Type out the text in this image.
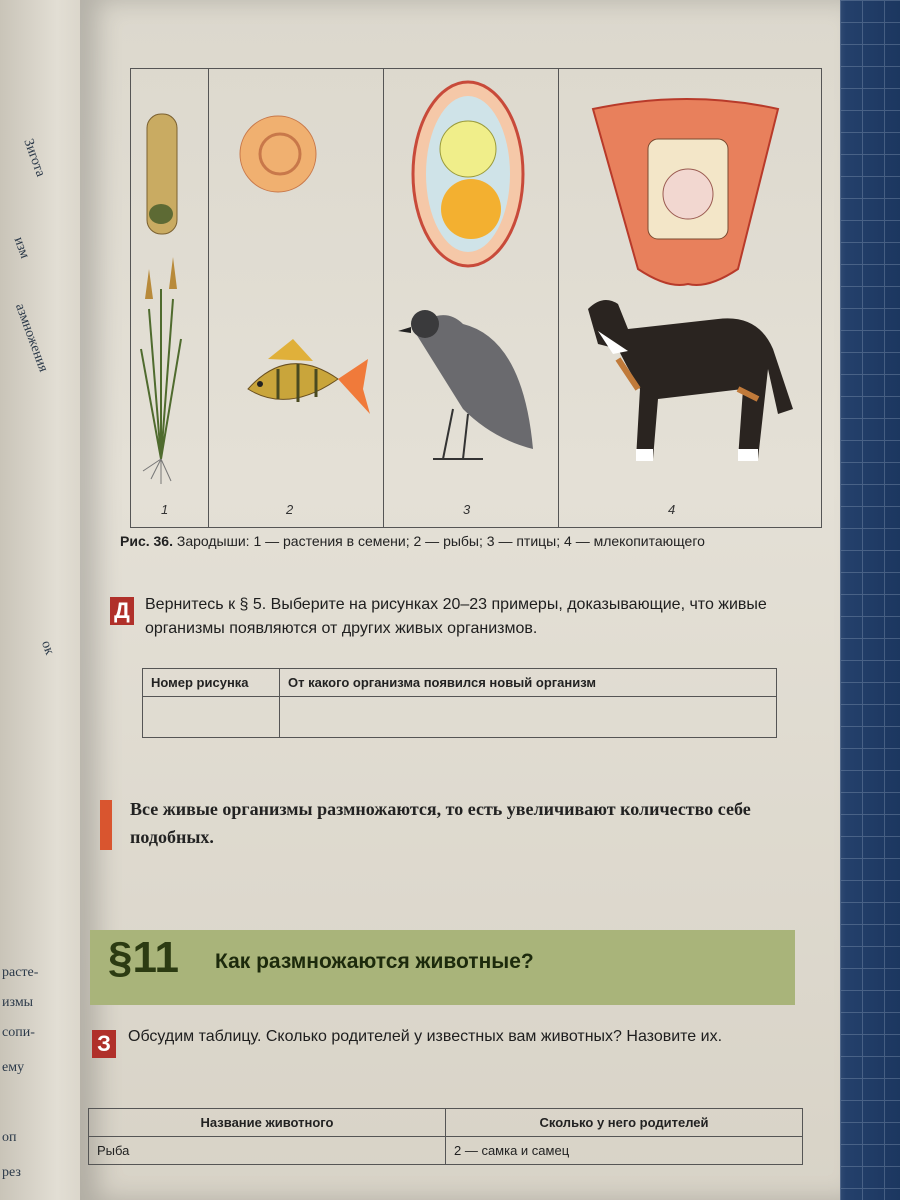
Зигота
изм
азмножения
ок
расте-
измы
сопи-
ему
оп
рез
1	2	3	4
Рис. 36. Зародыши: 1 — растения в семени; 2 — рыбы; 3 — птицы; 4 — млекопитающего
Д Вернитесь к § 5. Выберите на рисунках 20–23 примеры, доказывающие, что живые организмы появляются от других живых организмов.
Номер рисунка	От какого организма появился новый организм

Все живые организмы размножаются, то есть увеличивают количество себе подобных.
§11 Как размножаются животные?
З	Обсудим таблицу. Сколько родителей у известных вам животных? Назовите их.
Название животного	Сколько у него родителей
Рыба	2 — самка и самец
